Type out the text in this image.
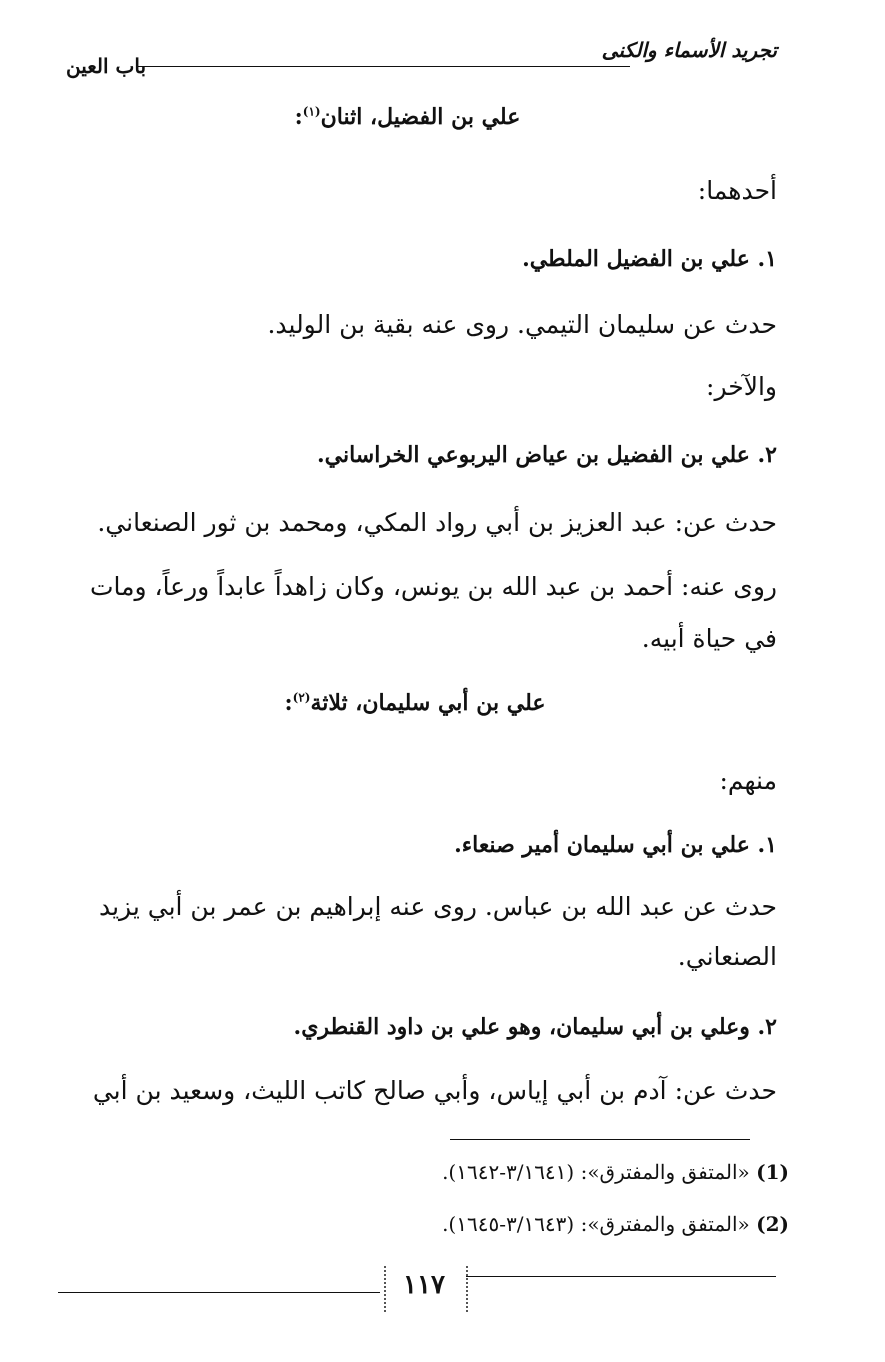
تجريد الأسماء والكنى
باب العين
علي بن الفضيل، اثنان$^{(١)}$:
أحدهما:
١. علي بن الفضيل الملطي.
حدث عن سليمان التيمي. روى عنه بقية بن الوليد.
والآخر:
٢. علي بن الفضيل بن عياض اليربوعي الخراساني.
حدث عن: عبد العزيز بن أبي رواد المكي، ومحمد بن ثور الصنعاني.
روى عنه: أحمد بن عبد الله بن يونس، وكان زاهداً عابداً ورعاً، ومات
في حياة أبيه.
علي بن أبي سليمان، ثلاثة$^{(٢)}$:
منهم:
١. علي بن أبي سليمان أمير صنعاء.
حدث عن عبد الله بن عباس. روى عنه إبراهيم بن عمر بن أبي يزيد
الصنعاني.
٢. وعلي بن أبي سليمان، وهو علي بن داود القنطري.
حدث عن: آدم بن أبي إياس، وأبي صالح كاتب الليث، وسعيد بن أبي
(1) «المتفق والمفترق»: (٣/١٦٤١-١٦٤٢).
(2) «المتفق والمفترق»: (٣/١٦٤٣-١٦٤٥).
١١٧
